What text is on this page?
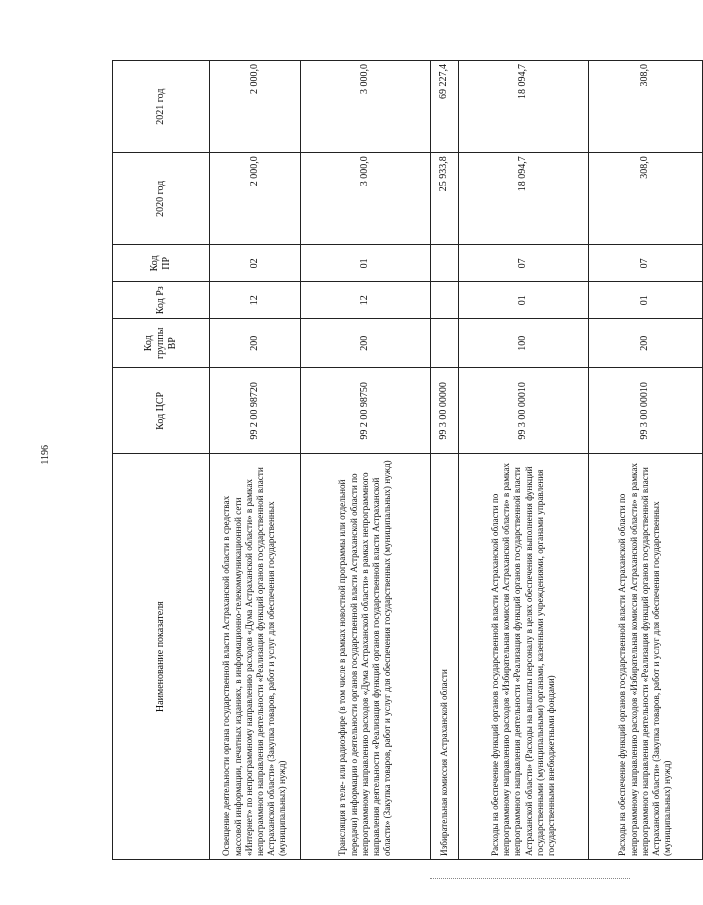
1196
Наименование показателя	Код ЦСР	Код группы ВР	Код Рз	Код ПР	2020 год	2021 год
Освещение деятельности органа государственной власти Астраханской области в средствах массовой информации, печатных изданиях, в информационно-телекоммуникационной сети «Интернет» по непрограммному направлению расходов «Дума Астраханской области» в рамках непрограммного направления деятельности «Реализация функций органов государственной власти Астраханской области» (Закупка товаров, работ и услуг для обеспечения государственных (муниципальных) нужд)	99 2 00 98720	200	12	02	2 000,0	2 000,0
Трансляция в теле- или радиоэфире (в том числе в рамках новостной программы или отдельной передачи) информации о деятельности органов государственной власти Астраханской области по непрограммному направлению расходов «Дума Астраханской области» в рамках непрограммного направления деятельности «Реализация функций органов государственной власти Астраханской области» (Закупка товаров, работ и услуг для обеспечения государственных (муниципальных) нужд)	99 2 00 98750	200	12	01	3 000,0	3 000,0
Избирательная комиссия Астраханской области	99 3 00 00000				25 933,8	69 227,4
Расходы на обеспечение функций органов государственной власти Астраханской области по непрограммному направлению расходов «Избирательная комиссия Астраханской области» в рамках непрограммного направления деятельности «Реализация функций органов государственной власти Астраханской области» (Расходы на выплаты персоналу в целях обеспечения выполнения функций государственными (муниципальными) органами, казенными учреждениями, органами управления государственными внебюджетными фондами)	99 3 00 00010	100	01	07	18 094,7	18 094,7
Расходы на обеспечение функций органов государственной власти Астраханской области по непрограммному направлению расходов «Избирательная комиссия Астраханской области» в рамках непрограммного направления деятельности «Реализация функций органов государственной власти Астраханской области» (Закупка товаров, работ и услуг для обеспечения государственных (муниципальных) нужд)	99 3 00 00010	200	01	07	308,0	308,0
